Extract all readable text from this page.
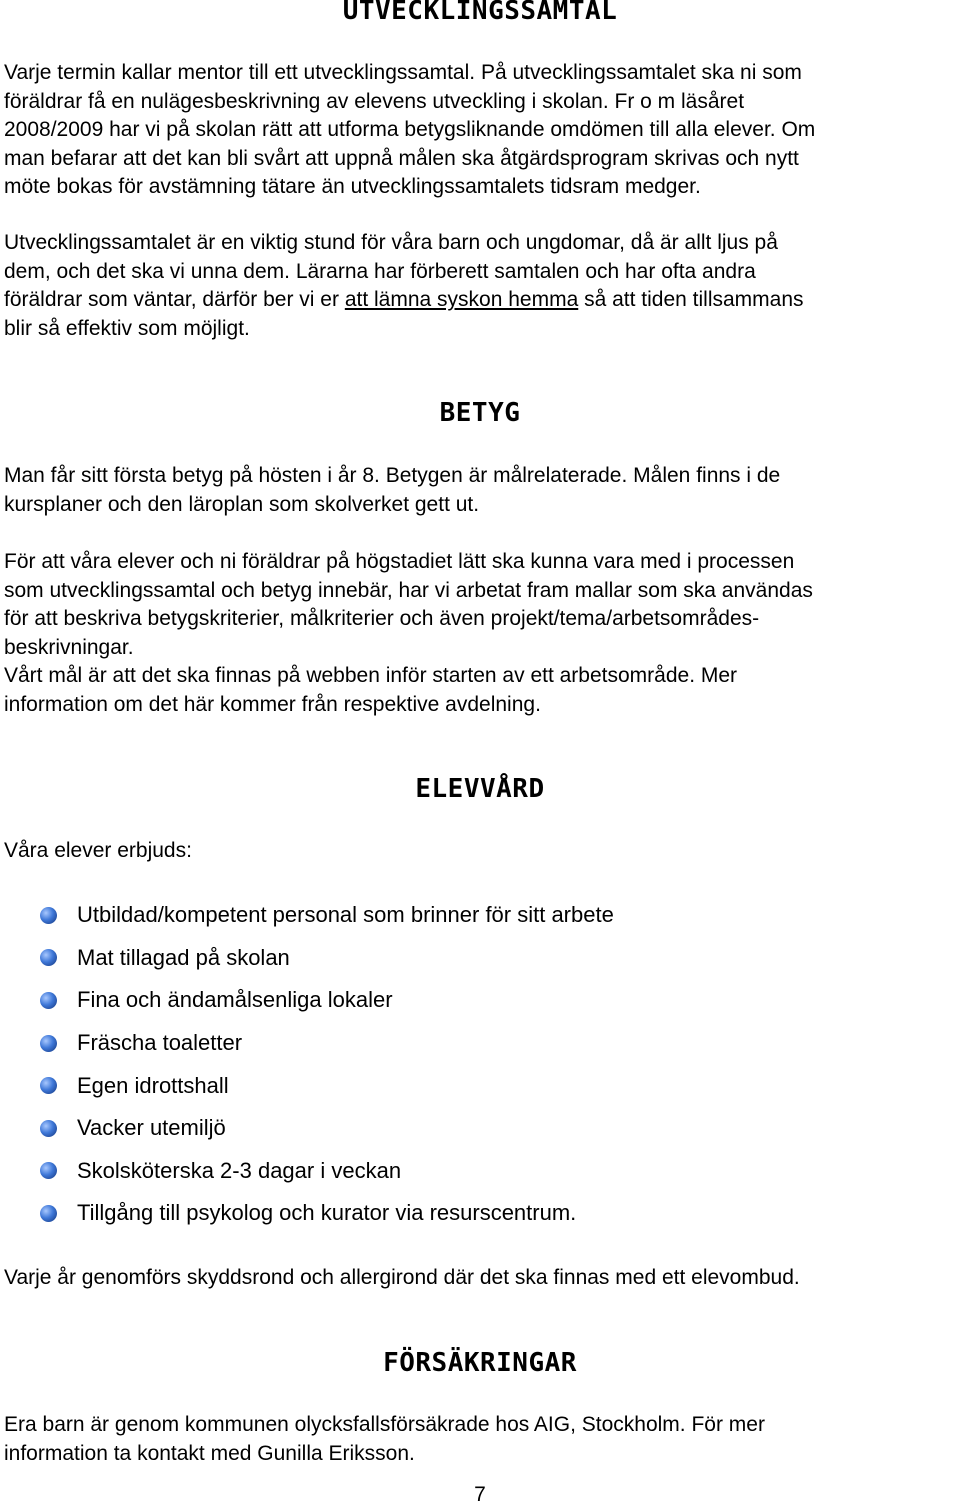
UTVECKLINGSSAMTAL

Varje termin kallar mentor till ett utvecklingssamtal. På utvecklingssamtalet ska ni som
föräldrar få en nulägesbeskrivning av elevens utveckling i skolan. Fr o m läsåret
2008/2009 har vi på skolan rätt att utforma betygsliknande omdömen till alla elever. Om
man befarar att det kan bli svårt att uppnå målen ska åtgärdsprogram skrivas och nytt
möte bokas för avstämning tätare än utvecklingssamtalets tidsram medger.

Utvecklingssamtalet är en viktig stund för våra barn och ungdomar, då är allt ljus på
dem, och det ska vi unna dem. Lärarna har förberett samtalen och har ofta andra
föräldrar som väntar, därför ber vi er att lämna syskon hemma så att tiden tillsammans
blir så effektiv som möjligt.

BETYG

Man får sitt första betyg på hösten i år 8. Betygen är målrelaterade. Målen finns i de
kursplaner och den läroplan som skolverket gett ut.

För att våra elever och ni föräldrar på högstadiet lätt ska kunna vara med i processen
som utvecklingssamtal och betyg innebär, har vi arbetat fram mallar som ska användas
för att beskriva betygskriterier, målkriterier och även projekt/tema/arbetsområdes-
beskrivningar.
Vårt mål är att det ska finnas på webben inför starten av ett arbetsområde. Mer
information om det här kommer från respektive avdelning.

ELEVVÅRD

Våra elever erbjuds:

Utbildad/kompetent personal som brinner för sitt arbete
Mat tillagad på skolan
Fina och ändamålsenliga lokaler
Fräscha toaletter
Egen idrottshall
Vacker utemiljö
Skolsköterska 2-3 dagar i veckan
Tillgång till psykolog och kurator via resurscentrum.

Varje år genomförs skyddsrond och allergirond där det ska finnas med ett elevombud.

FÖRSÄKRINGAR

Era barn är genom kommunen olycksfallsförsäkrade hos AIG, Stockholm. För mer
information ta kontakt med Gunilla Eriksson.

7
